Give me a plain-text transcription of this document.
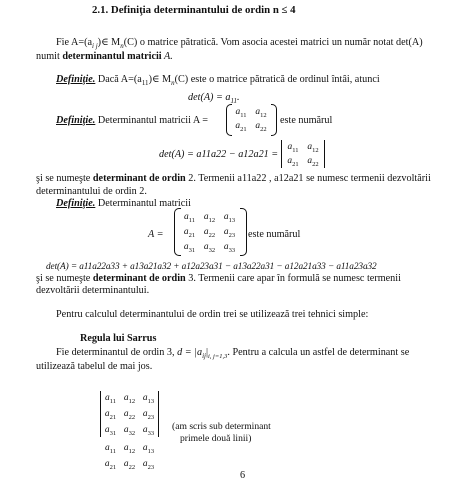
2.1. Definiţia determinantului de ordin n ≤ 4
Fie $A=(a_{i j})\in$ $M_n(C)$ o matrice pătratică. Vom asocia acestei matrici un număr notat det(A)
numit determinantul matricii A.
Definiţie. Dacă $A=(a_{11})\in$ $M_n(C)$ este o matrice pătratică de ordinul întâi, atunci
$\det(A) = a_{11}$.
Definiţie. Determinantul matricii A =
$a_{11}$ $a_{12}$
$a_{21}$ $a_{22}$
este numărul
det(A) = a11a22 − a12a21 =
$a_{11}$ $a_{12}$
$a_{21}$ $a_{22}$
şi se numeşte determinant de ordin 2. Termenii a11a22 , a12a21 se numesc termenii dezvoltării
determinantului de ordin 2.
Definiţie. Determinantul matricii
A =
$a_{11}$ $a_{12}$ $a_{13}$
$a_{21}$ $a_{22}$ $a_{23}$
$a_{31}$ $a_{32}$ $a_{33}$
este numărul
det(A) = a11a22a33 + a13a21a32 + a12a23a31 − a13a22a31 − a12a21a33 − a11a23a32
şi se numeşte determinant de ordin 3. Termenii care apar în formulă se numesc termenii
dezvoltării determinantului.
Pentru calculul determinantului de ordin trei se utilizează trei tehnici simple:
Regula lui Sarrus
Fie determinantul de ordin 3, $d = |a_{ij}|_{i, j=1,3}$. Pentru a calcula un astfel de determinant se
utilizează tabelul de mai jos.
$a_{11}$ $a_{12}$ $a_{13}$
$a_{21}$ $a_{22}$ $a_{23}$
$a_{31}$ $a_{32}$ $a_{33}$
$a_{11}$ $a_{12}$ $a_{13}$
$a_{21}$ $a_{22}$ $a_{23}$
(am scris sub determinant
primele două linii)
6
